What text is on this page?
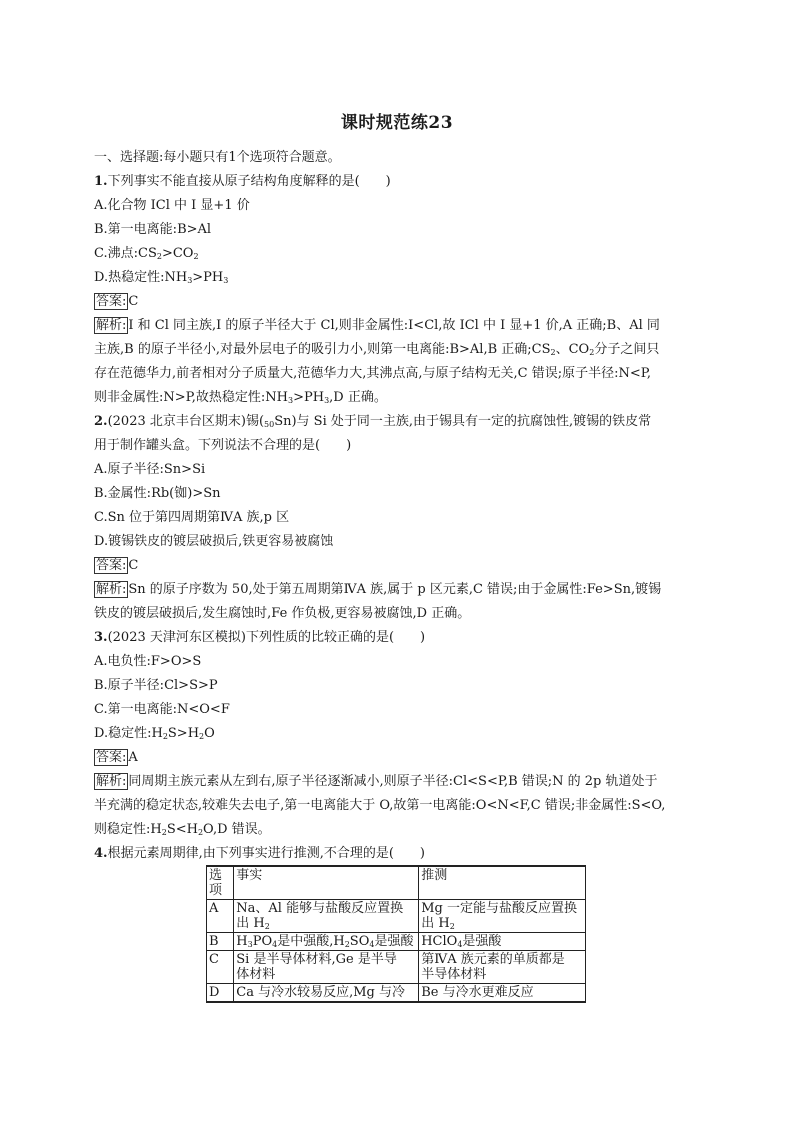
课时规范练23
一、选择题:每小题只有1个选项符合题意。
1.下列事实不能直接从原子结构角度解释的是(　　)
A.化合物 ICl 中 I 显+1 价
B.第一电离能:B>Al
C.沸点$:CS_2>CO_2$
D.热稳定性$:NH_3>PH_3$
答案: C
解析: I 和 Cl 同主族,I 的原子半径大于 Cl,则非金属性:I<Cl,故 ICl 中 I 显+1 价,A 正确;B、Al 同
主族,B 的原子半径小,对最外层电子的吸引力小,则第一电离能:B>Al,B 正确$;CS_2$、$CO_2$分子之间只
存在范德华力,前者相对分子质量大,范德华力大,其沸点高,与原子结构无关,C 错误;原子半径:N<P,
则非金属性:N>P,故热稳定性$:NH_3>PH_3,D$ 正确。
2.(2023 北京丰台区期末)锡$(_{50}Sn)$与 Si 处于同一主族,由于锡具有一定的抗腐蚀性,镀锡的铁皮常
用于制作罐头盒。下列说法不合理的是(　　)
A.原子半径:Sn>Si
B.金属性:Rb(铷)>Sn
C.Sn 位于第四周期第ⅣA 族,p 区
D.镀锡铁皮的镀层破损后,铁更容易被腐蚀
答案: C
解析: Sn 的原子序数为 50,处于第五周期第ⅣA 族,属于 p 区元素,C 错误;由于金属性:Fe>Sn,镀锡
铁皮的镀层破损后,发生腐蚀时,Fe 作负极,更容易被腐蚀,D 正确。
3.(2023 天津河东区模拟)下列性质的比较正确的是(　　)
A.电负性:F>O>S
B.原子半径:Cl>S>P
C.第一电离能:N<O<F
D.稳定性$:H_2S>H_2O$
答案: A
解析: 同周期主族元素从左到右,原子半径逐渐减小,则原子半径:Cl<S<P,B 错误;N 的 2p 轨道处于
半充满的稳定状态,较难失去电子,第一电离能大于 O,故第一电离能:O<N<F,C 错误;非金属性:S<O,
则稳定性$:H_2S<H_2O,D$ 错误。
4.根据元素周期律,由下列事实进行推测,不合理的是(　　)
选
项	事实	推测
A	Na、Al 能够与盐酸反应置换
出 $H_2$	Mg 一定能与盐酸反应置换
出 $H_2$
B	$H_3PO_4$是中强酸$,H_2SO_4$是强酸	HClO$_4$是强酸
C	Si 是半导体材料,Ge 是半导
体材料	第ⅣA 族元素的单质都是
半导体材料
D	Ca 与冷水较易反应,Mg 与冷	Be 与冷水更难反应
